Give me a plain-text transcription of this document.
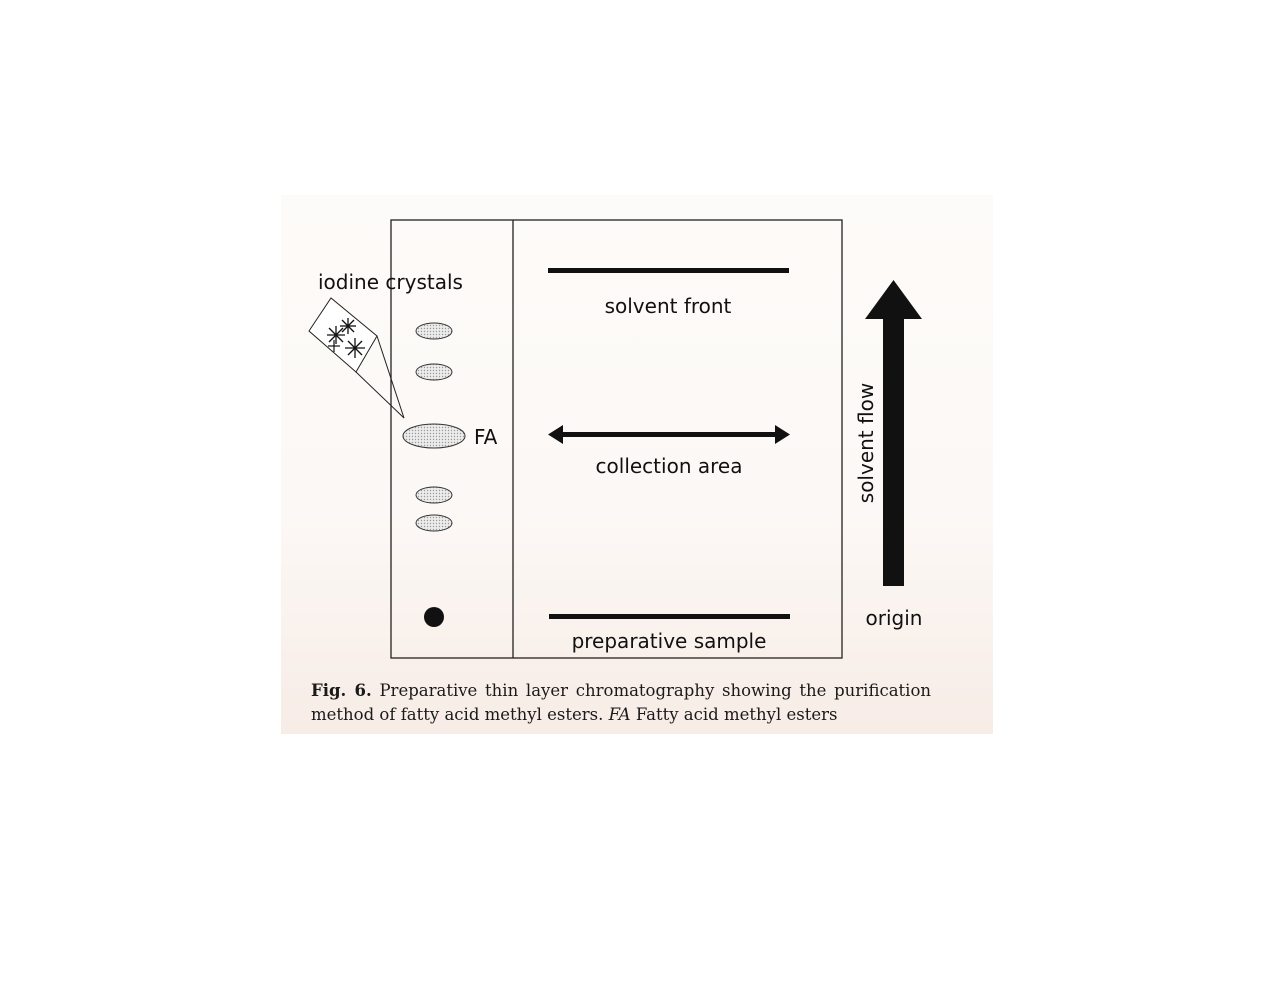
iodine crystals
FA
solvent front
collection area
preparative sample
origin
solvent flow
Fig. 6. Preparative thin layer chromatography showing the purification method of fatty acid methyl esters. FA Fatty acid methyl esters
